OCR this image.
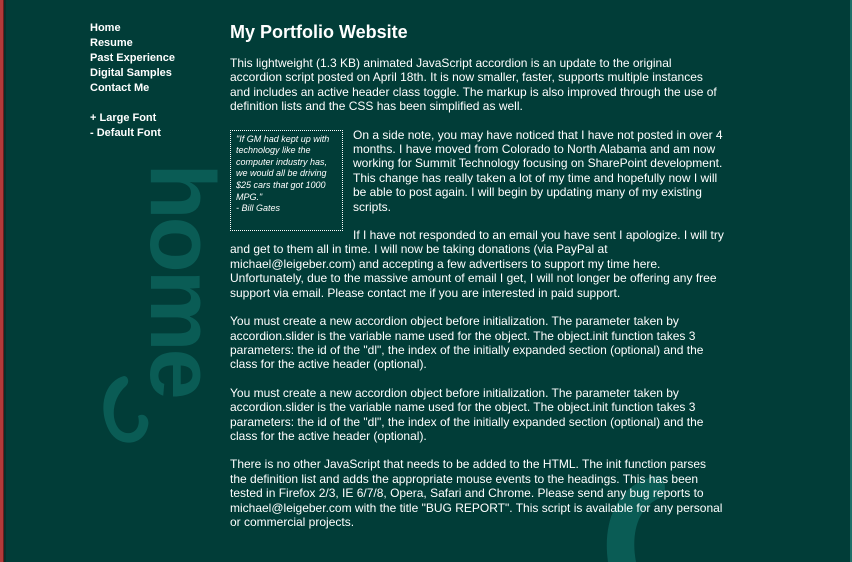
home
Home
Resume
Past Experience
Digital Samples
Contact Me
+ Large Font
- Default Font
My Portfolio Website

This lightweight (1.3 KB) animated JavaScript accordion is an update to the original accordion script posted on April 18th. It is now smaller, faster, supports multiple instances and includes an active header class toggle. The markup is also improved through the use of definition lists and the CSS has been simplified as well.

"If GM had kept up with technology like the computer industry has, we would all be driving $25 cars that got 1000 MPG."
- Bill Gates

On a side note, you may have noticed that I have not posted in over 4 months. I have moved from Colorado to North Alabama and am now working for Summit Technology focusing on SharePoint development. This change has really taken a lot of my time and hopefully now I will be able to post again. I will begin by updating many of my existing scripts.

If I have not responded to an email you have sent I apologize. I will try and get to them all in time. I will now be taking donations (via PayPal at michael@leigeber.com) and accepting a few advertisers to support my time here. Unfortunately, due to the massive amount of email I get, I will not longer be offering any free support via email. Please contact me if you are interested in paid support.

You must create a new accordion object before initialization. The parameter taken by accordion.slider is the variable name used for the object. The object.init function takes 3 parameters: the id of the "dl", the index of the initially expanded section (optional) and the class for the active header (optional).

You must create a new accordion object before initialization. The parameter taken by accordion.slider is the variable name used for the object. The object.init function takes 3 parameters: the id of the "dl", the index of the initially expanded section (optional) and the class for the active header (optional).

There is no other JavaScript that needs to be added to the HTML. The init function parses the definition list and adds the appropriate mouse events to the headings. This has been tested in Firefox 2/3, IE 6/7/8, Opera, Safari and Chrome. Please send any bug reports to michael@leigeber.com with the title "BUG REPORT". This script is available for any personal or commercial projects.
